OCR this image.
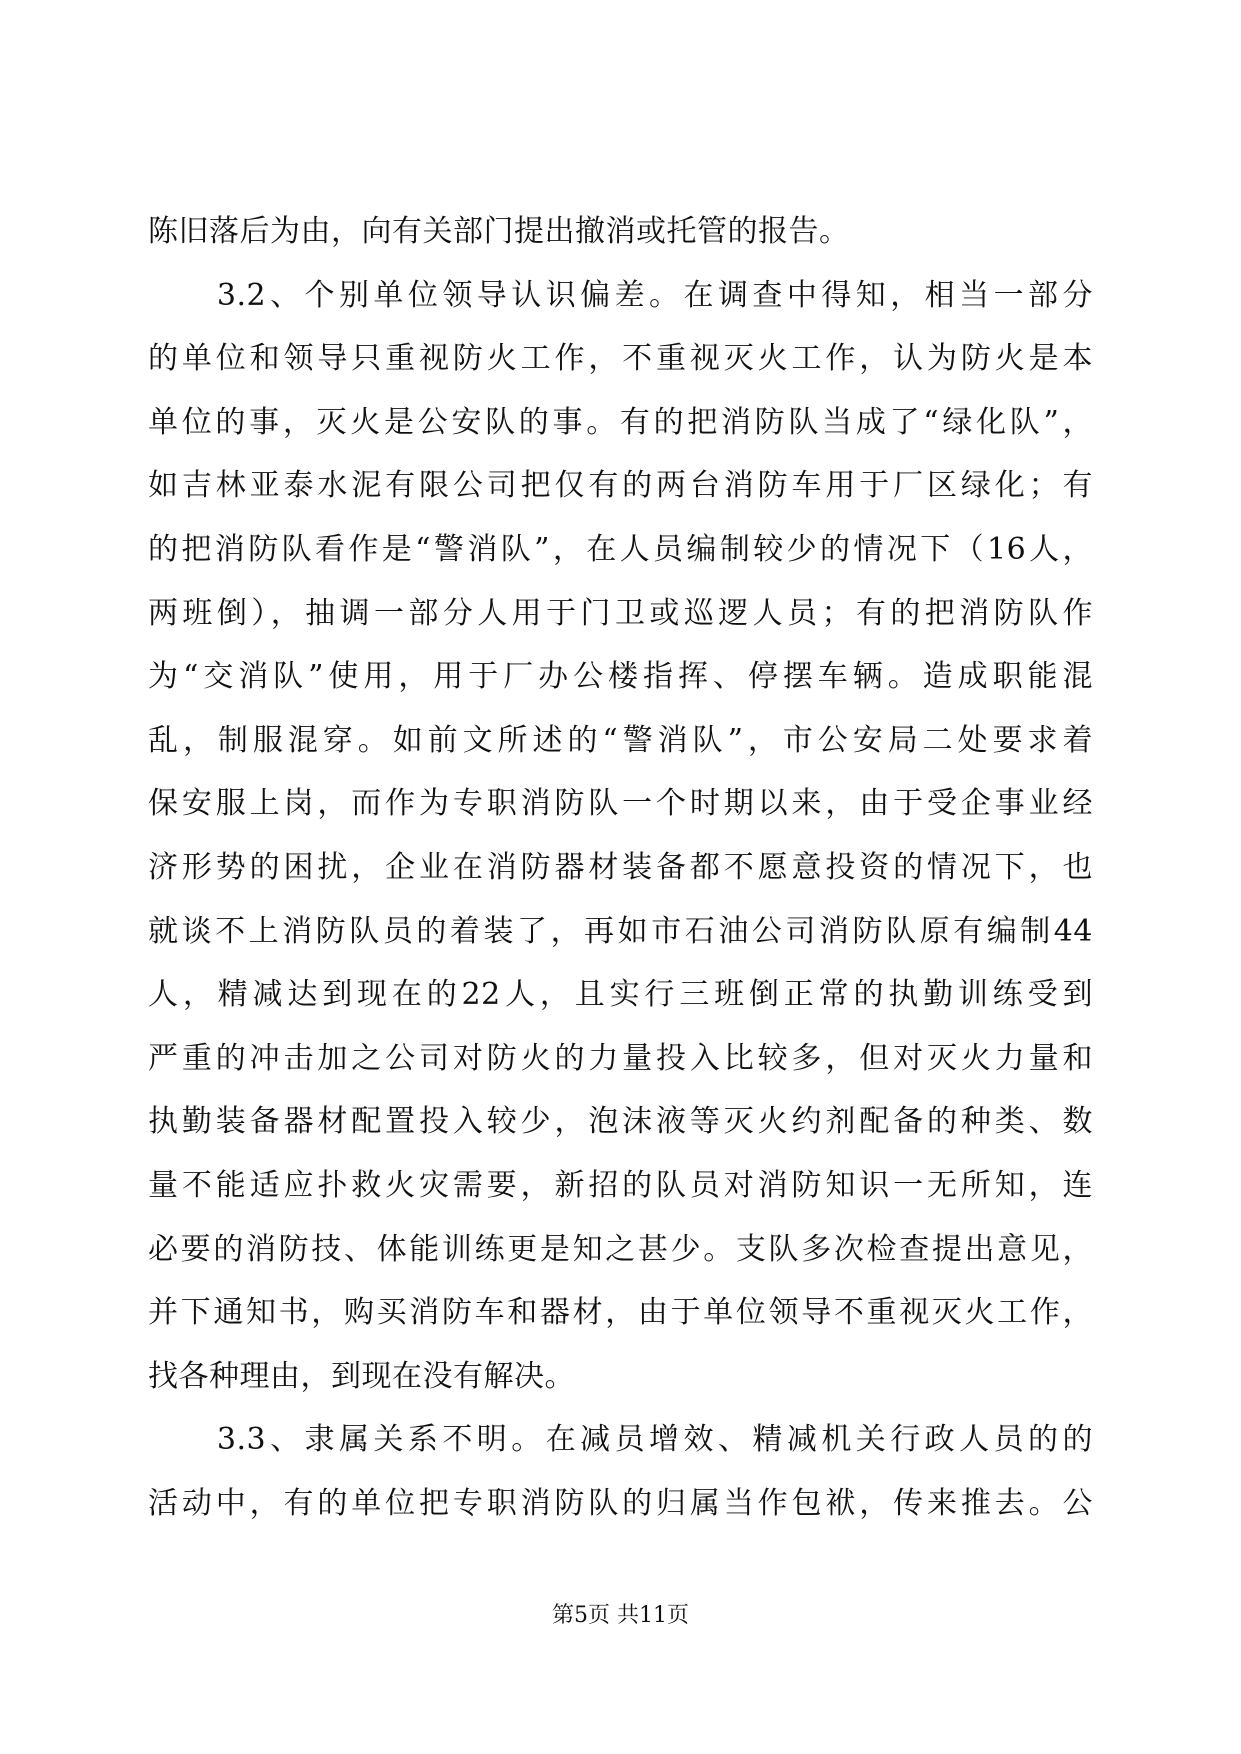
陈旧落后为由，向有关部门提出撤消或托管的报告。
　　3.2、个别单位领导认识偏差。在调查中得知，相当一部分
的单位和领导只重视防火工作，不重视灭火工作，认为防火是本
单位的事，灭火是公安队的事。有的把消防队当成了“绿化队”，
如吉林亚泰水泥有限公司把仅有的两台消防车用于厂区绿化；有
的把消防队看作是“警消队”，在人员编制较少的情况下（16人，
两班倒），抽调一部分人用于门卫或巡逻人员；有的把消防队作
为“交消队”使用，用于厂办公楼指挥、停摆车辆。造成职能混
乱，制服混穿。如前文所述的“警消队”，市公安局二处要求着
保安服上岗，而作为专职消防队一个时期以来，由于受企事业经
济形势的困扰，企业在消防器材装备都不愿意投资的情况下，也
就谈不上消防队员的着装了，再如市石油公司消防队原有编制44
人，精减达到现在的22人，且实行三班倒正常的执勤训练受到
严重的冲击加之公司对防火的力量投入比较多，但对灭火力量和
执勤装备器材配置投入较少，泡沫液等灭火约剂配备的种类、数
量不能适应扑救火灾需要，新招的队员对消防知识一无所知，连
必要的消防技、体能训练更是知之甚少。支队多次检查提出意见，
并下通知书，购买消防车和器材，由于单位领导不重视灭火工作，
找各种理由，到现在没有解决。
　　3.3、隶属关系不明。在减员增效、精减机关行政人员的的
活动中，有的单位把专职消防队的归属当作包袱，传来推去。公
第5页 共11页
